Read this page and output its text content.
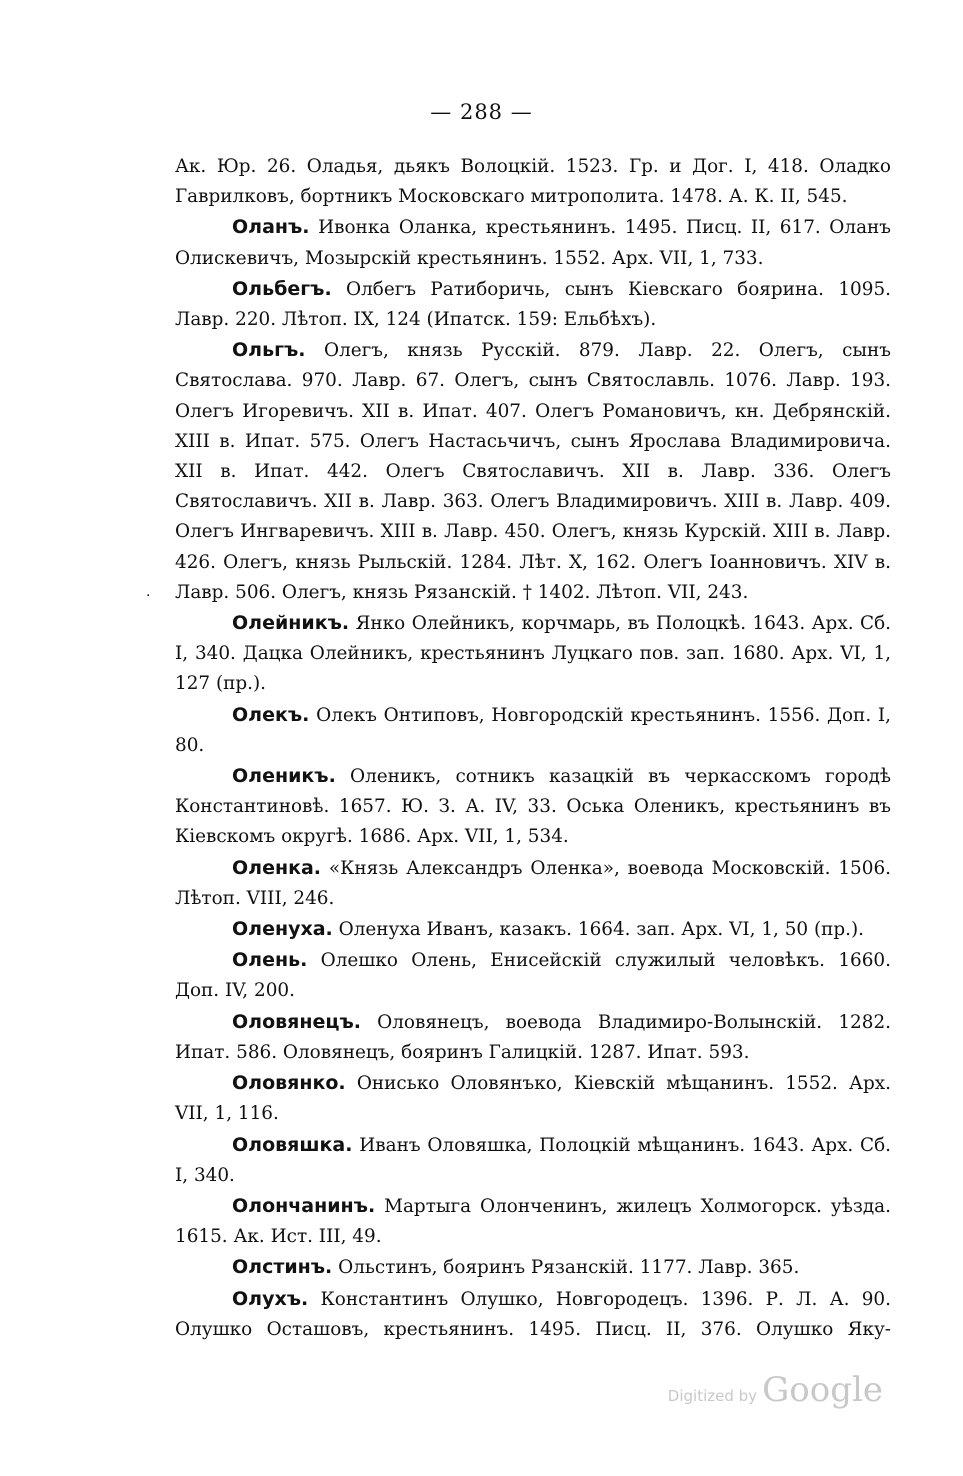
— 288 —
·
Ак. Юр. 26. Оладья, дьякъ Волоцкій. 1523. Гр. и Дог. I, 418. Оладко Гаврилковъ, бортникъ Московскаго митрополита. 1478. А. К. II, 545.
Оланъ. Ивонка Оланка, крестьянинъ. 1495. Писц. II, 617. Оланъ Олискевичъ, Мозырскій крестьянинъ. 1552. Арх. VII, 1, 733.
Ольбегъ. Олбегъ Ратиборичь, сынъ Кіевскаго боярина. 1095. Лавр. 220. Лѣтоп. IX, 124 (Ипатск. 159: Ельбѣхъ).
Ольгъ. Олегъ, князь Русскій. 879. Лавр. 22. Олегъ, сынъ Святослава. 970. Лавр. 67. Олегъ, сынъ Святославль. 1076. Лавр. 193. Олегъ Игоревичъ. XII в. Ипат. 407. Олегъ Романовичъ, кн. Дебрянскій. XIII в. Ипат. 575. Олегъ Настасьчичъ, сынъ Ярослава Владимировича. XII в. Ипат. 442. Олегъ Святославичъ. XII в. Лавр. 336. Олегъ Святославичъ. XII в. Лавр. 363. Олегъ Владимировичъ. XIII в. Лавр. 409. Олегъ Ингваревичъ. XIII в. Лавр. 450. Олегъ, князь Курскій. XIII в. Лавр. 426. Олегъ, князь Рыльскій. 1284. Лѣт. X, 162. Олегъ Іоанновичъ. XIV в. Лавр. 506. Олегъ, князь Рязанскій. † 1402. Лѣтоп. VII, 243.
Олейникъ. Янко Олейникъ, корчмарь, въ Полоцкѣ. 1643. Арх. Сб. I, 340. Дацка Олейникъ, крестьянинъ Луцкаго пов. зап. 1680. Арх. VI, 1, 127 (пр.).
Олекъ. Олекъ Онтиповъ, Новгородскій крестьянинъ. 1556. Доп. I, 80.
Оленикъ. Оленикъ, сотникъ казацкій въ черкасскомъ городѣ Константиновѣ. 1657. Ю. З. А. IV, 33. Оська Оленикъ, крестьянинъ въ Кіевскомъ округѣ. 1686. Арх. VII, 1, 534.
Оленка. «Князь Александръ Оленка», воевода Московскій. 1506. Лѣтоп. VIII, 246.
Оленуха. Оленуха Иванъ, казакъ. 1664. зап. Арх. VI, 1, 50 (пр.).
Олень. Олешко Олень, Енисейскій служилый человѣкъ. 1660. Доп. IV, 200.
Оловянецъ. Оловянецъ, воевода Владимиро-Волынскій. 1282. Ипат. 586. Оловянецъ, бояринъ Галицкій. 1287. Ипат. 593.
Оловянко. Онисько Оловянъко, Кіевскій мѣщанинъ. 1552. Арх. VII, 1, 116.
Оловяшка. Иванъ Оловяшка, Полоцкій мѣщанинъ. 1643. Арх. Сб. I, 340.
Олончанинъ. Мартыга Олонченинъ, жилецъ Холмогорск. уѣзда. 1615. Ак. Ист. III, 49.
Олстинъ. Ольстинъ, бояринъ Рязанскій. 1177. Лавр. 365.
Олухъ. Константинъ Олушко, Новгородецъ. 1396. Р. Л. А. 90. Олушко Осташовъ, крестьянинъ. 1495. Писц. II, 376. Олушко Яку-
Digitized by Google
